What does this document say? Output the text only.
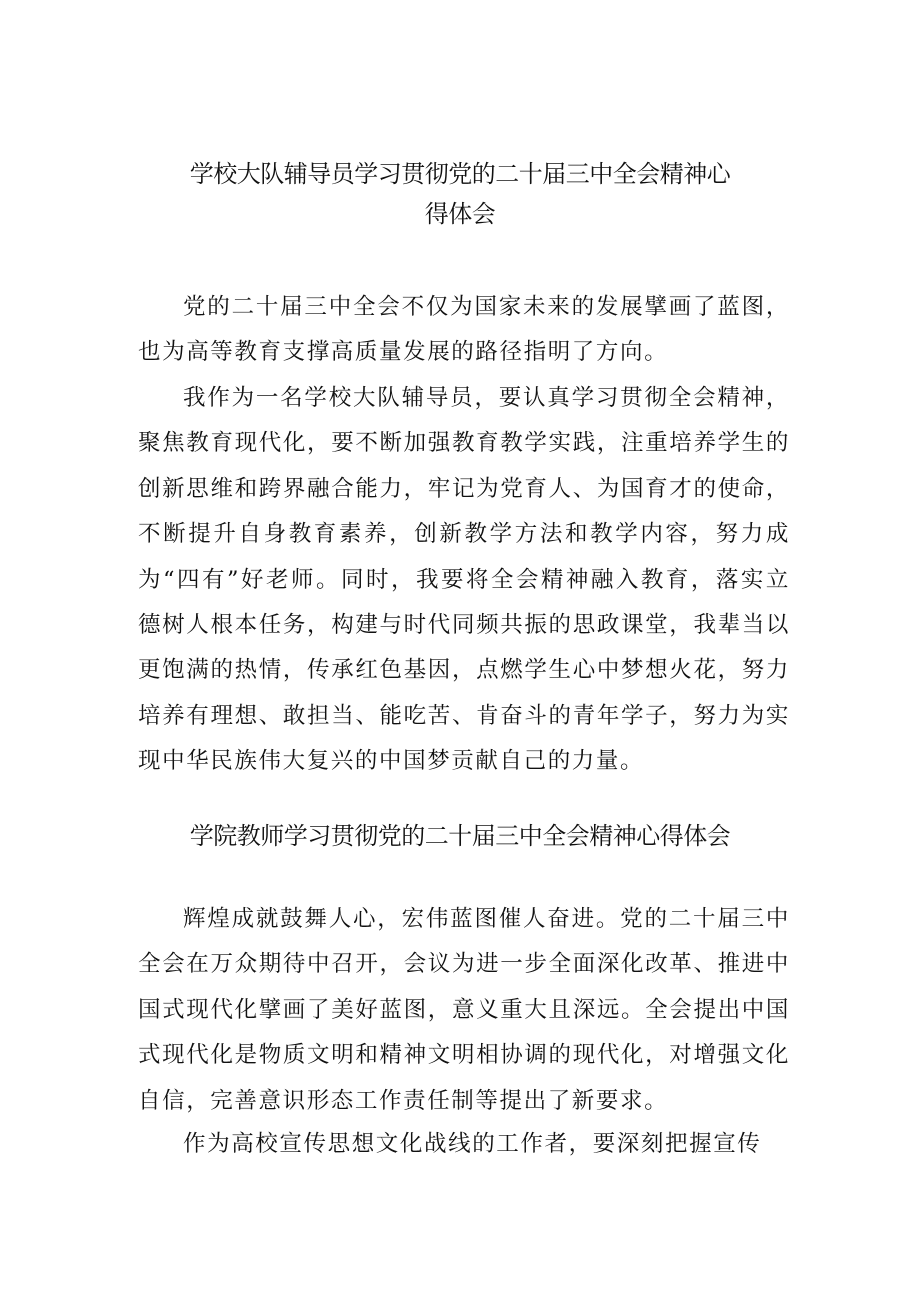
学校大队辅导员学习贯彻党的二十届三中全会精神心
得体会

党的二十届三中全会不仅为国家未来的发展擘画了蓝图，也为高等教育支撑高质量发展的路径指明了方向。

我作为一名学校大队辅导员，要认真学习贯彻全会精神，聚焦教育现代化，要不断加强教育教学实践，注重培养学生的创新思维和跨界融合能力，牢记为党育人、为国育才的使命，不断提升自身教育素养，创新教学方法和教学内容，努力成为“四有”好老师。同时，我要将全会精神融入教育，落实立德树人根本任务，构建与时代同频共振的思政课堂，我辈当以更饱满的热情，传承红色基因，点燃学生心中梦想火花，努力培养有理想、敢担当、能吃苦、肯奋斗的青年学子，努力为实现中华民族伟大复兴的中国梦贡献自己的力量。

学院教师学习贯彻党的二十届三中全会精神心得体会

辉煌成就鼓舞人心，宏伟蓝图催人奋进。党的二十届三中全会在万众期待中召开，会议为进一步全面深化改革、推进中国式现代化擘画了美好蓝图，意义重大且深远。全会提出中国式现代化是物质文明和精神文明相协调的现代化，对增强文化自信，完善意识形态工作责任制等提出了新要求。

作为高校宣传思想文化战线的工作者，要深刻把握宣传
